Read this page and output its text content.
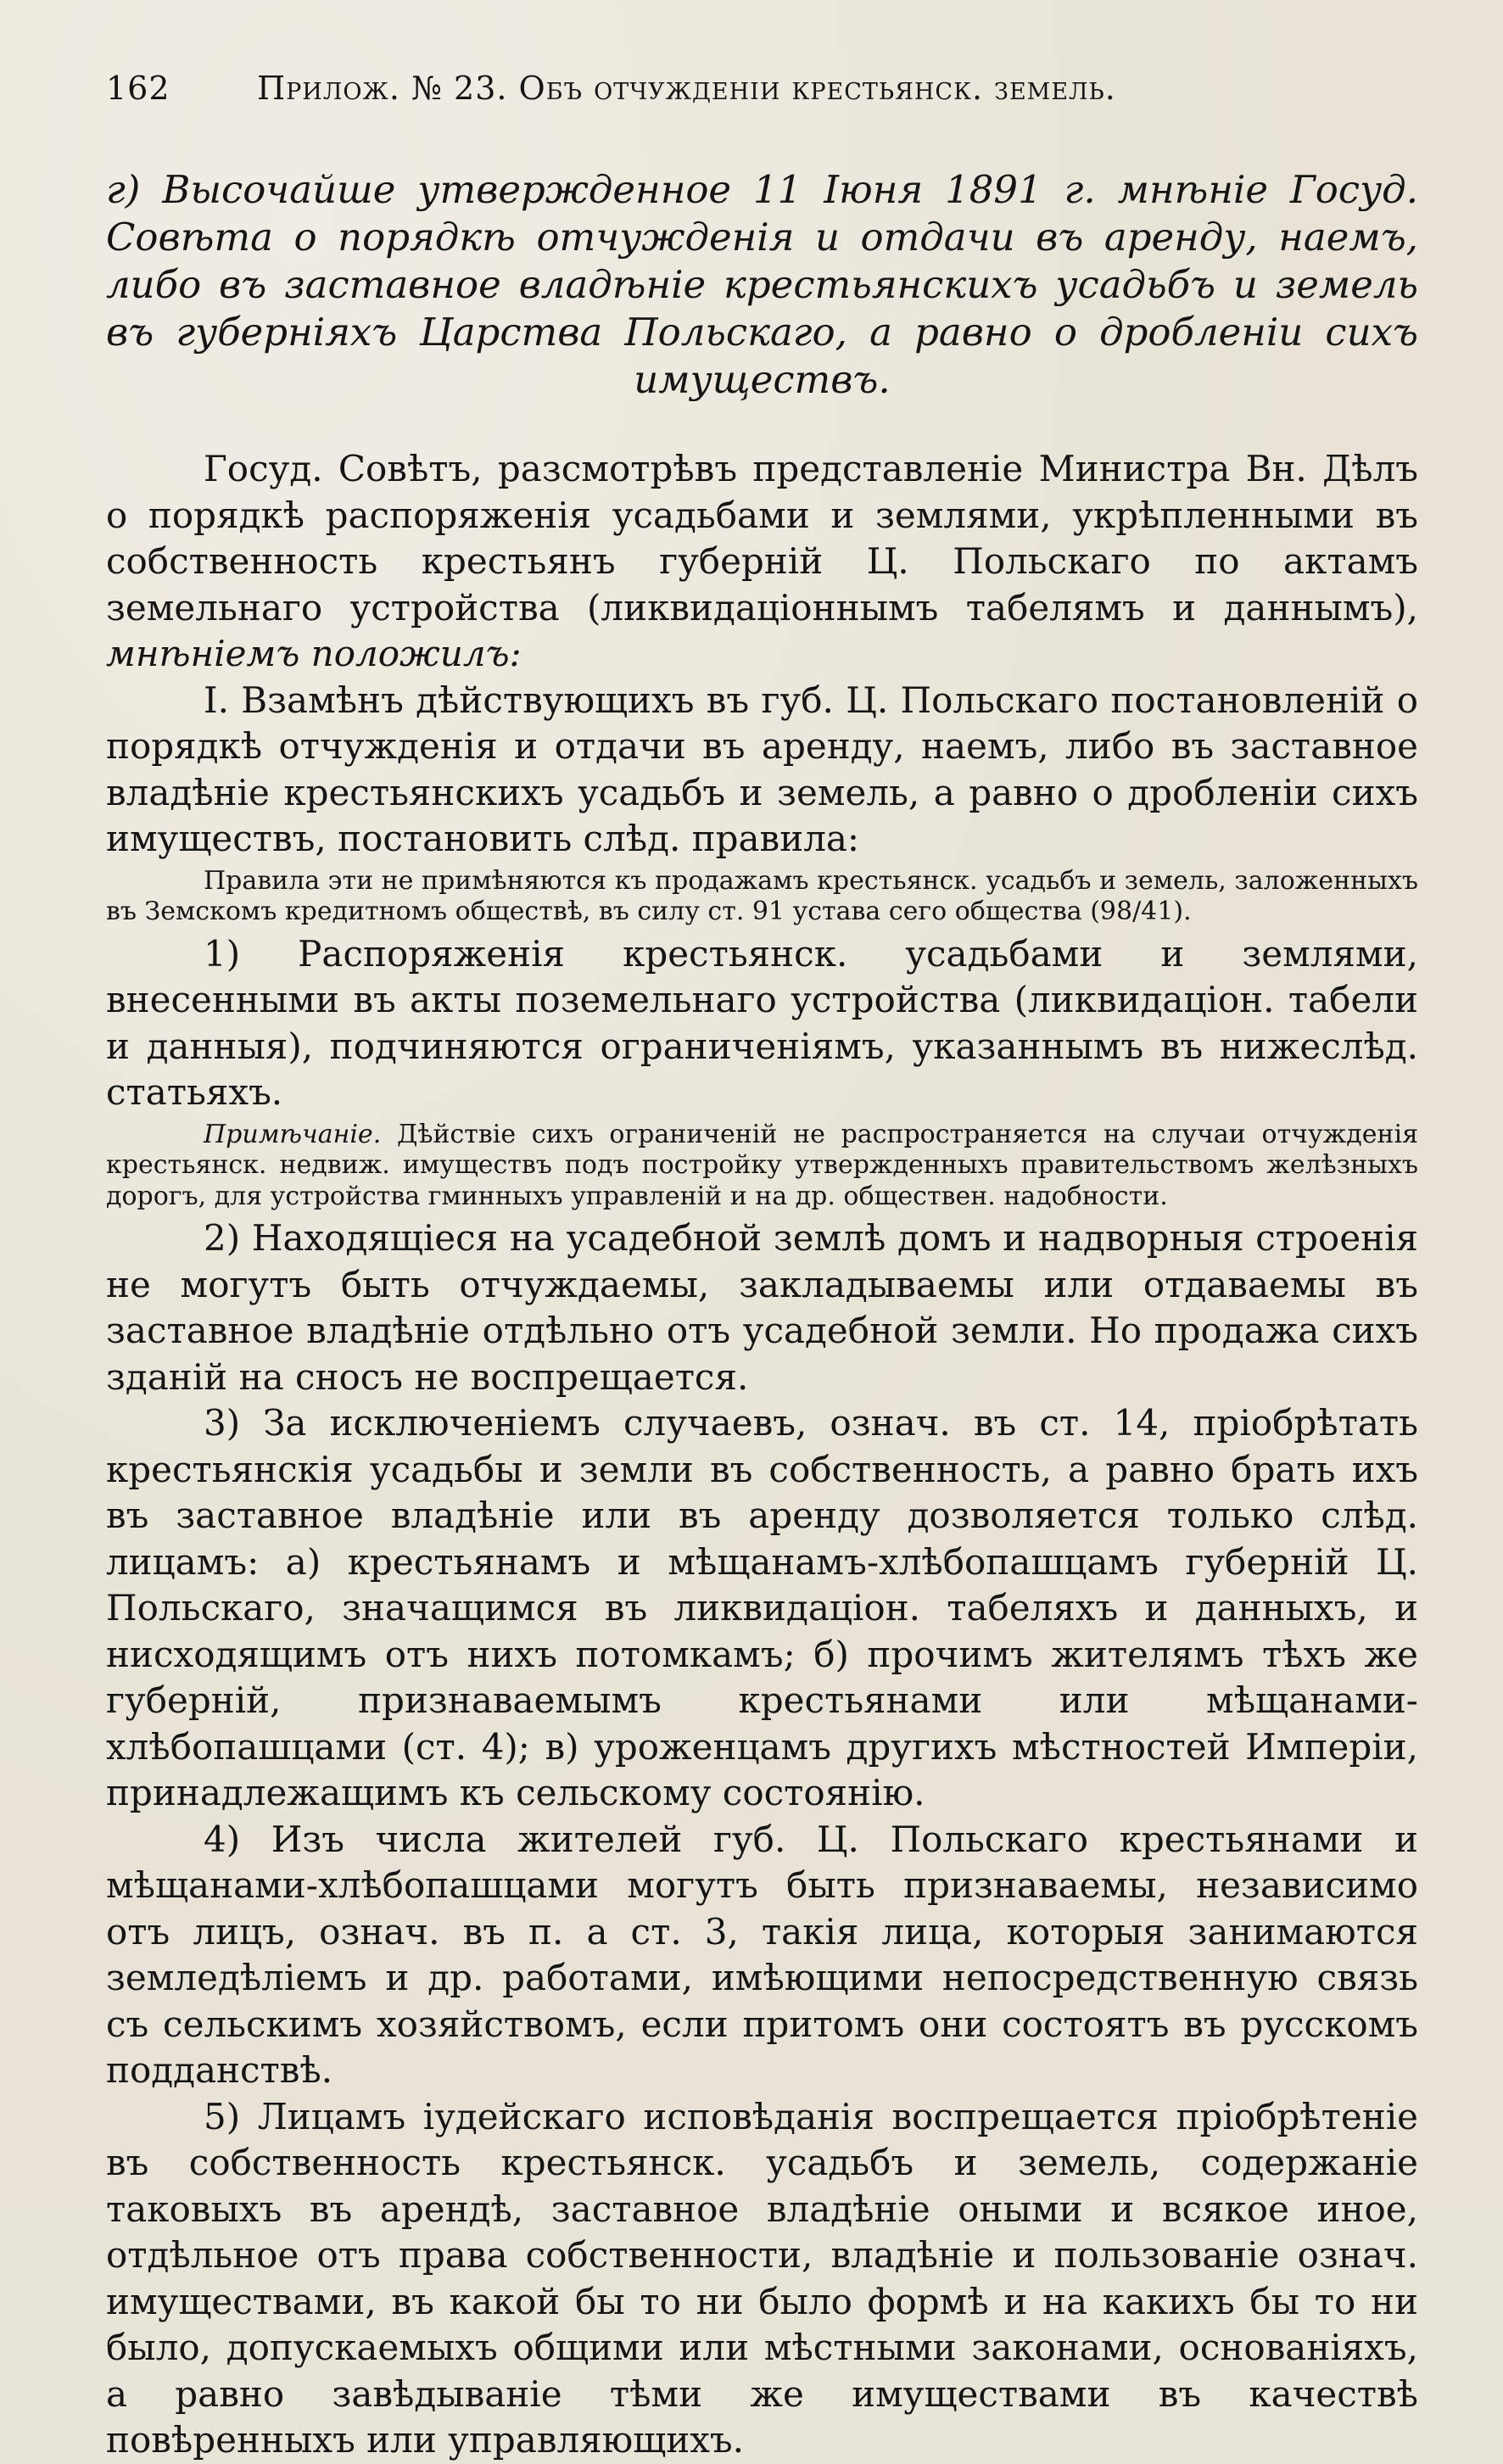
162	Прилож. № 23. Объ отчужденiи крестьянск. земель.
г) Высочайше утвержденное 11 Iюня 1891 г. мнѣнiе Госуд. Совѣта о порядкѣ отчужденiя и отдачи въ аренду, наемъ, либо въ заставное владѣнiе крестьянскихъ усадьбъ и земель въ губернiяхъ Царства Польскаго, а равно о дробленiи сихъ имуществъ.

Госуд. Совѣтъ, разсмотрѣвъ представленiе Министра Вн. Дѣлъ о порядкѣ распоряженiя усадьбами и землями, укрѣпленными въ собственность крестьянъ губернiй Ц. Польскаго по актамъ земельнаго устройства (ликвидацiоннымъ табелямъ и даннымъ), мнѣнiемъ положилъ:

I. Взамѣнъ дѣйствующихъ въ губ. Ц. Польскаго постановленiй о порядкѣ отчужденiя и отдачи въ аренду, наемъ, либо въ заставное владѣнiе крестьянскихъ усадьбъ и земель, а равно о дробленiи сихъ имуществъ, постановить слѣд. правила:

Правила эти не примѣняются къ продажамъ крестьянск. усадьбъ и земель, заложенныхъ въ Земскомъ кредитномъ обществѣ, въ силу ст. 91 устава сего общества (98/41).

1) Распоряженiя крестьянск. усадьбами и землями, внесенными въ акты поземельнаго устройства (ликвидацiон. табели и данныя), подчиняются ограниченiямъ, указаннымъ въ нижеслѣд. статьяхъ.

Примѣчанiе. Дѣйствiе сихъ ограниченiй не распространяется на случаи отчужденiя крестьянск. недвиж. имуществъ подъ постройку утвержденныхъ правительствомъ желѣзныхъ дорогъ, для устройства гминныхъ управленiй и на др. обществен. надобности.

2) Находящiеся на усадебной землѣ домъ и надворныя строенiя не могутъ быть отчуждаемы, закладываемы или отдаваемы въ заставное владѣнiе отдѣльно отъ усадебной земли. Но продажа сихъ зданiй на сносъ не воспрещается.

3) За исключенiемъ случаевъ, означ. въ ст. 14, прiобрѣтать крестьянскiя усадьбы и земли въ собственность, а равно брать ихъ въ заставное владѣнiе или въ аренду дозволяется только слѣд. лицамъ: а) крестьянамъ и мѣщанамъ-хлѣбопашцамъ губернiй Ц. Польскаго, значащимся въ ликвидацiон. табеляхъ и данныхъ, и нисходящимъ отъ нихъ потомкамъ; б) прочимъ жителямъ тѣхъ же губернiй, признаваемымъ крестьянами или мѣщанами-хлѣбопашцами (ст. 4); в) уроженцамъ другихъ мѣстностей Имперiи, принадлежащимъ къ сельскому состоянiю.

4) Изъ числа жителей губ. Ц. Польскаго крестьянами и мѣщанами-хлѣбопашцами могутъ быть признаваемы, независимо отъ лицъ, означ. въ п. а ст. 3, такiя лица, которыя занимаются земледѣлiемъ и др. работами, имѣющими непосредственную связь съ сельскимъ хозяйствомъ, если притомъ они состоятъ въ русскомъ подданствѣ.

5) Лицамъ iудейскаго исповѣданiя воспрещается прiобрѣтенiе въ собственность крестьянск. усадьбъ и земель, содержанiе таковыхъ въ арендѣ, заставное владѣнiе оными и всякое иное, отдѣльное отъ права собственности, владѣнiе и пользованiе означ. имуществами, въ какой бы то ни было формѣ и на какихъ бы то ни было, допускаемыхъ общими или мѣстными законами, основанiяхъ, а равно завѣдыванiе тѣми же имуществами въ качествѣ повѣренныхъ или управляющихъ.
